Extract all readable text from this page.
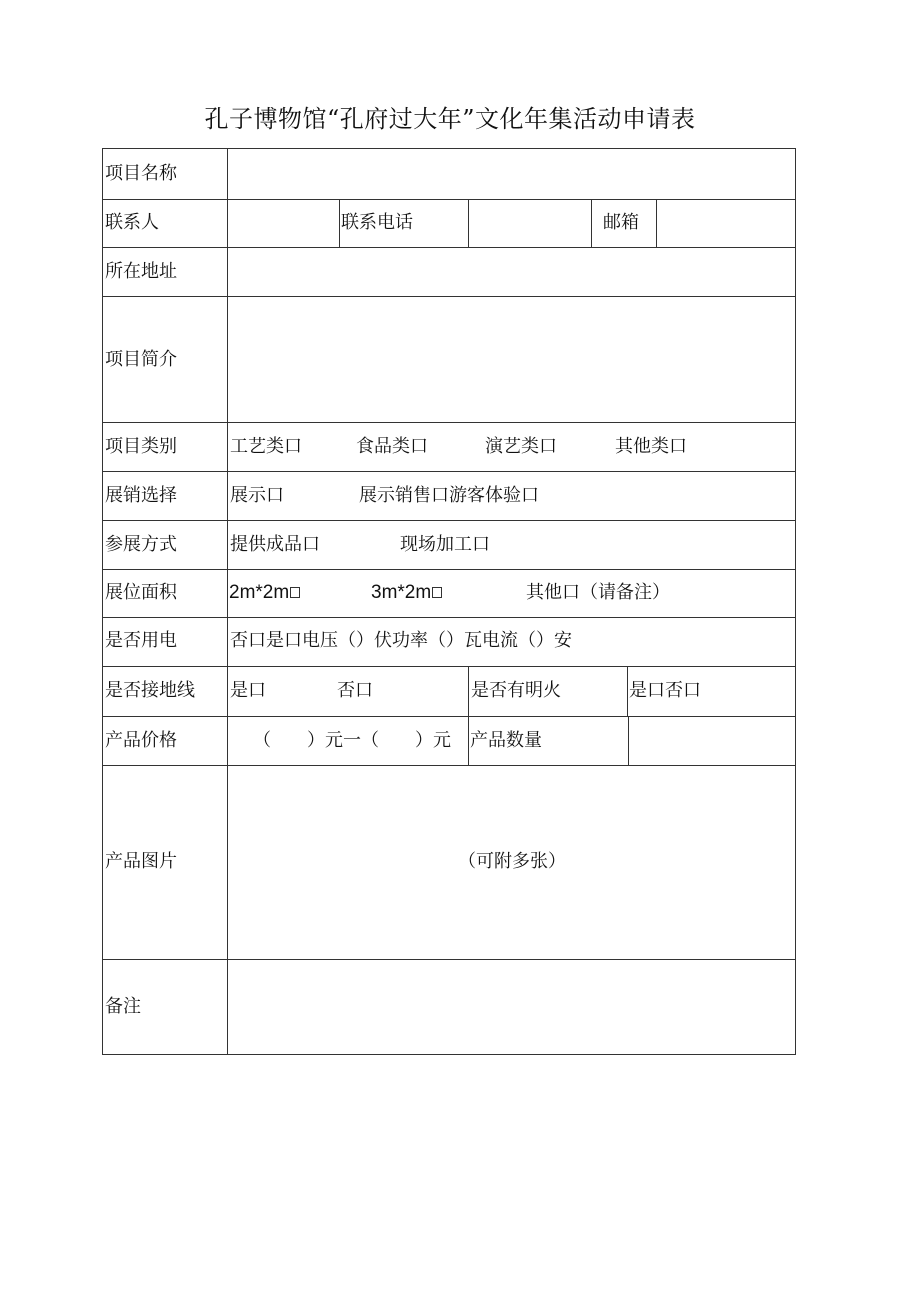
孔子博物馆“孔府过大年”文化年集活动申请表
项目名称
联系人	联系电话	邮箱
所在地址
项目简介
项目类别	工艺类口	食品类口	演艺类口	其他类口
展销选择	展示口	展示销售口游客体验口
参展方式	提供成品口	现场加工口
展位面积	2m*2m	3m*2m	其他口（请备注）
是否用电	否口是口电压（）伏功率（）瓦电流（）安
是否接地线 是口	否口	是否有明火	是口否口
产品价格	（　　）元一（　　）元 产品数量
产品图片	（可附多张）
备注
